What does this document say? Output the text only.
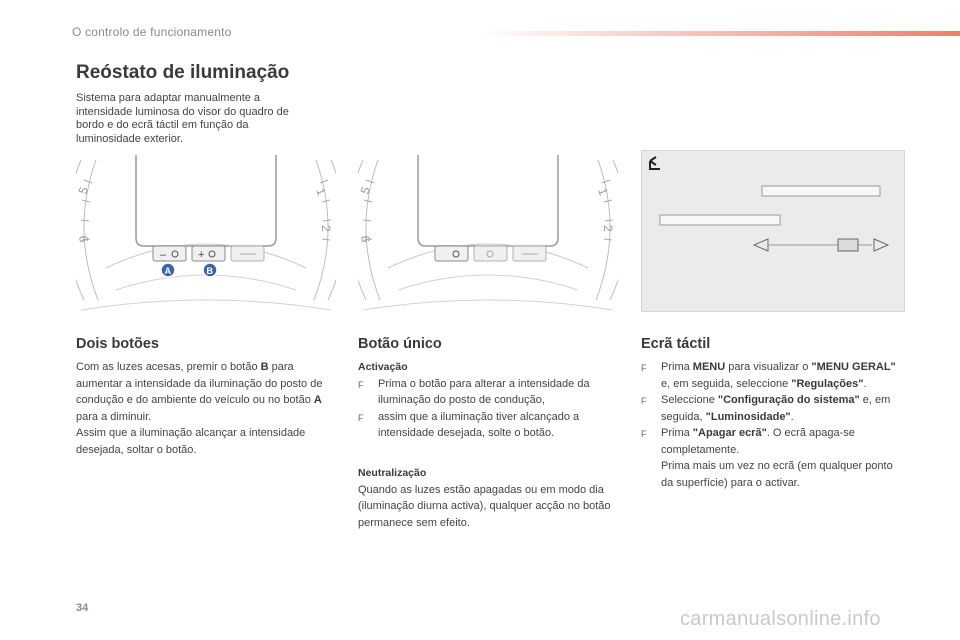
O controlo de funcionamento
Reóstato de iluminação
Sistema para adaptar manualmente a intensidade luminosa do visor do quadro de bordo e do ecrã táctil em função da luminosidade exterior.
5
9
1
2
–	+
A	B
5
9
1
2
Dois botões
Com as luzes acesas, premir o botão B para aumentar a intensidade da iluminação do posto de condução e do ambiente do veículo ou no botão A para a diminuir.
Assim que a iluminação alcançar a intensidade desejada, soltar o botão.
Botão único
Activação
F	Prima o botão para alterar a intensidade da iluminação do posto de condução,
F	assim que a iluminação tiver alcançado a intensidade desejada, solte o botão.
Neutralização
Quando as luzes estão apagadas ou em modo dia (iluminação diurna activa), qualquer acção no botão permanece sem efeito.
Ecrã táctil
F	Prima MENU para visualizar o "MENU GERAL" e, em seguida, seleccione "Regulações".
F	Seleccione "Configuração do sistema" e, em seguida, "Luminosidade".
F	Prima "Apagar ecrã". O ecrã apaga-se completamente.
Prima mais um vez no ecrã (em qualquer ponto da superfície) para o activar.
34	carmanualsonline.info
